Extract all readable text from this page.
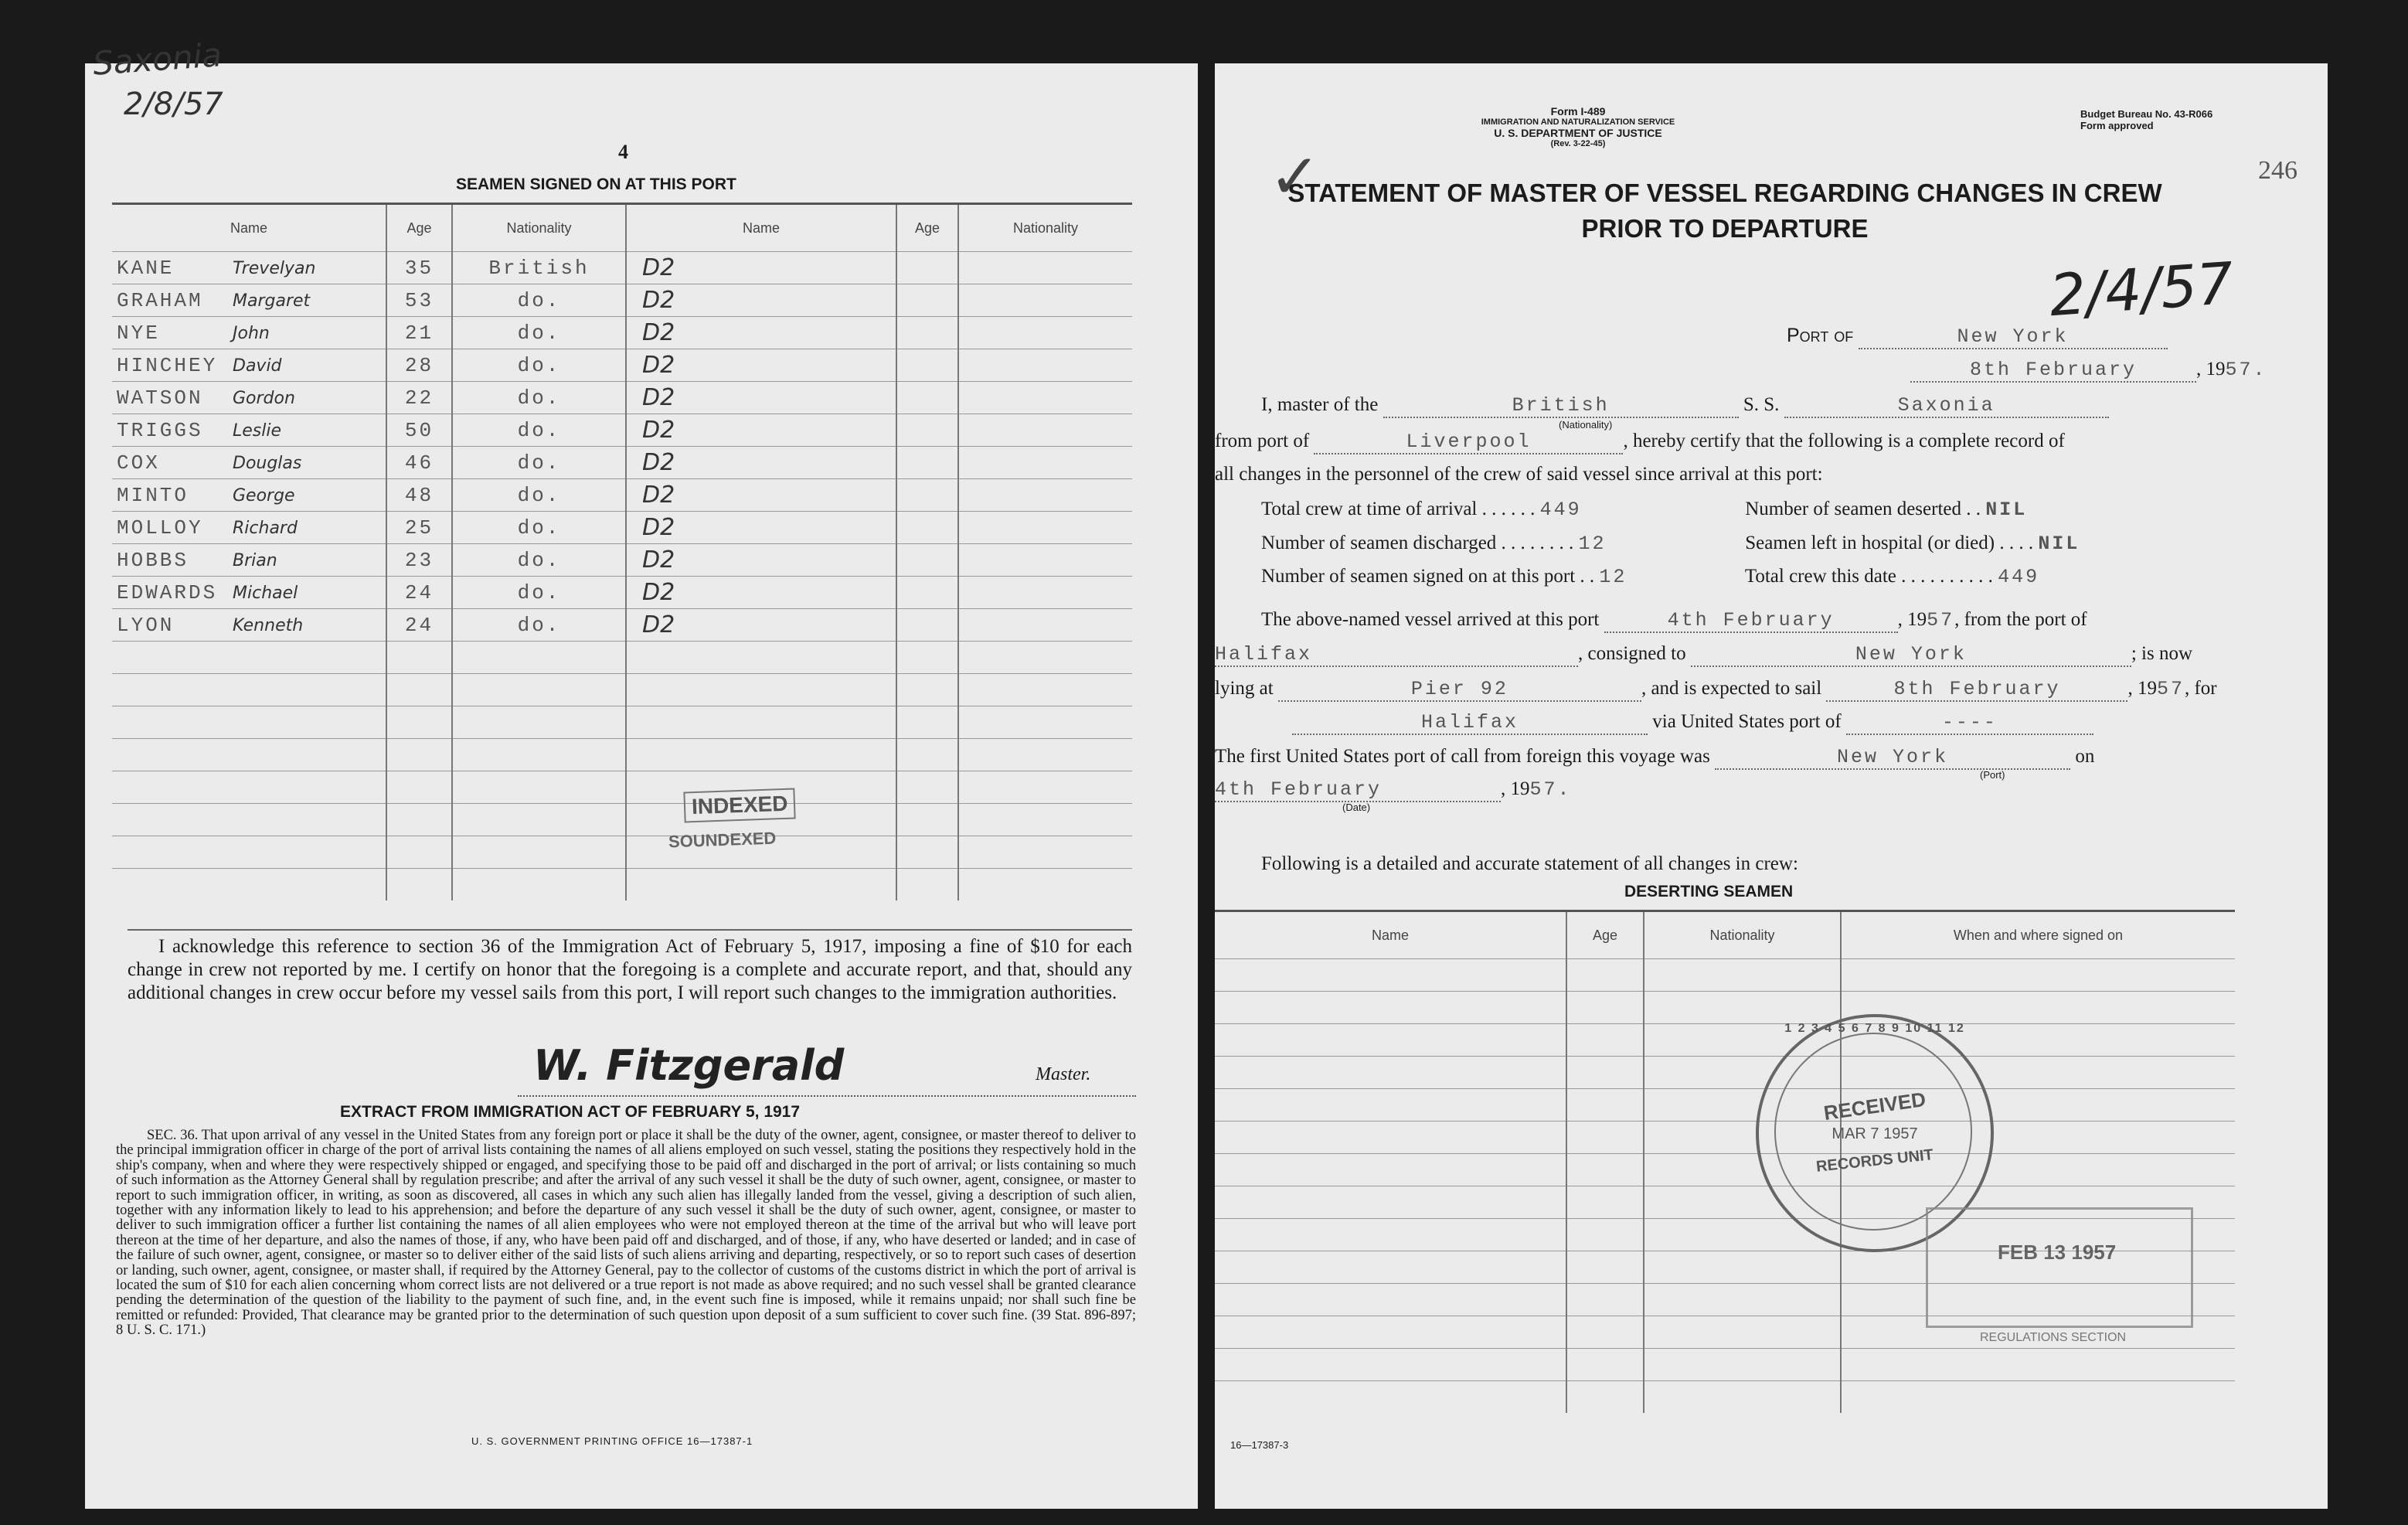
Saxonia
2/8/57
4
SEAMEN SIGNED ON AT THIS PORT
Name	Age	Nationality	Name	Age	Nationality
KANE Trevelyan	35	British	D2		
GRAHAM Margaret	53	do.	D2		
NYE John	21	do.	D2		
HINCHEY David	28	do.	D2		
WATSON Gordon	22	do.	D2		
TRIGGS Leslie	50	do.	D2		
COX Douglas	46	do.	D2		
MINTO George	48	do.	D2		
MOLLOY Richard	25	do.	D2		
HOBBS Brian	23	do.	D2		
EDWARDS Michael	24	do.	D2		
LYON Kenneth	24	do.	D2		

INDEXED
SOUNDEXED
I acknowledge this reference to section 36 of the Immigration Act of February 5, 1917, imposing a fine of $10 for each change in crew not reported by me. I certify on honor that the foregoing is a complete and accurate report, and that, should any additional changes in crew occur before my vessel sails from this port, I will report such changes to the immigration authorities.
W. Fitzgerald	Master.
EXTRACT FROM IMMIGRATION ACT OF FEBRUARY 5, 1917
SEC. 36. That upon arrival of any vessel in the United States from any foreign port or place it shall be the duty of the owner, agent, consignee, or master thereof to deliver to the principal immigration officer in charge of the port of arrival lists containing the names of all aliens employed on such vessel, stating the positions they respectively hold in the ship's company, when and where they were respectively shipped or engaged, and specifying those to be paid off and discharged in the port of arrival; or lists containing so much of such information as the Attorney General shall by regulation prescribe; and after the arrival of any such vessel it shall be the duty of such owner, agent, consignee, or master to report to such immigration officer, in writing, as soon as discovered, all cases in which any such alien has illegally landed from the vessel, giving a description of such alien, together with any information likely to lead to his apprehension; and before the departure of any such vessel it shall be the duty of such owner, agent, consignee, or master to deliver to such immigration officer a further list containing the names of all alien employees who were not employed thereon at the time of the arrival but who will leave port thereon at the time of her departure, and also the names of those, if any, who have been paid off and discharged, and of those, if any, who have deserted or landed; and in case of the failure of such owner, agent, consignee, or master so to deliver either of the said lists of such aliens arriving and departing, respectively, or so to report such cases of desertion or landing, such owner, agent, consignee, or master shall, if required by the Attorney General, pay to the collector of customs of the customs district in which the port of arrival is located the sum of $10 for each alien concerning whom correct lists are not delivered or a true report is not made as above required; and no such vessel shall be granted clearance pending the determination of the question of the liability to the payment of such fine, and, in the event such fine is imposed, while it remains unpaid; nor shall such fine be remitted or refunded: Provided, That clearance may be granted prior to the determination of such question upon deposit of a sum sufficient to cover such fine. (39 Stat. 896-897; 8 U. S. C. 171.)
U. S. GOVERNMENT PRINTING OFFICE 16—17387-1
Form I-489
IMMIGRATION AND NATURALIZATION SERVICE
U. S. DEPARTMENT OF JUSTICE
(Rev. 3-22-45)
Budget Bureau No. 43-R066
Form approved
246
✓
STATEMENT OF MASTER OF VESSEL REGARDING CHANGES IN CREW
PRIOR TO DEPARTURE
2/4/57
Port of	New York
8th February	, 1957.
I, master of the	British	S. S.	Saxonia
(Nationality)
from port of	Liverpool	, hereby certify that the following is a complete record of
all changes in the personnel of the crew of said vessel since arrival at this port:
Total crew at time of arrival . . . . . . 449	Number of seamen deserted . . NIL
Number of seamen discharged . . . . . . . . 12	Seamen left in hospital (or died) . . . . NIL
Number of seamen signed on at this port . . 12	Total crew this date . . . . . . . . . . 449
The above-named vessel arrived at this port	4th February	, 1957, from the port of
Halifax	, consigned to	New York	; is now
lying at	Pier 92	, and is expected to sail	8th February	, 1957, for
Halifax	via United States port of	----
The first United States port of call from foreign this voyage was	New York	on
(Port)
4th February	, 1957.
(Date)
Following is a detailed and accurate statement of all changes in crew:
DESERTING SEAMEN
Name	Age	Nationality	When and where signed on

1 2 3 4 5 6 7 8 9 10 11 12
RECEIVED
MAR 7 1957
RECORDS UNIT
FEB 13 1957
REGULATIONS SECTION
16—17387-3
